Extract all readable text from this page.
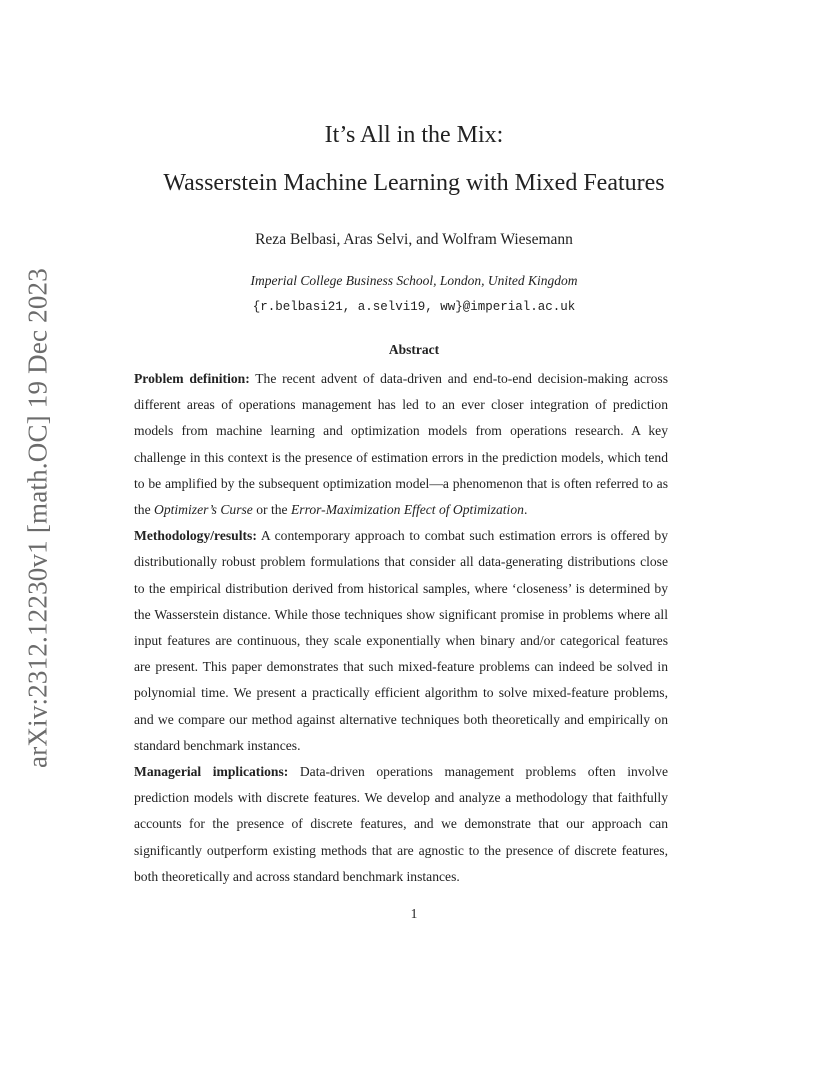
arXiv:2312.12230v1 [math.OC] 19 Dec 2023
It’s All in the Mix:
Wasserstein Machine Learning with Mixed Features
Reza Belbasi, Aras Selvi, and Wolfram Wiesemann
Imperial College Business School, London, United Kingdom
{r.belbasi21, a.selvi19, ww}@imperial.ac.uk
Abstract

Problem definition: The recent advent of data-driven and end-to-end decision-making across different areas of operations management has led to an ever closer integration of prediction models from machine learning and optimization models from operations research. A key challenge in this context is the presence of estimation errors in the prediction models, which tend to be amplified by the subsequent optimization model—a phenomenon that is often referred to as the Optimizer’s Curse or the Error-Maximization Effect of Optimization.

Methodology/results: A contemporary approach to combat such estimation errors is offered by distributionally robust problem formulations that consider all data-generating distributions close to the empirical distribution derived from historical samples, where ‘closeness’ is determined by the Wasserstein distance. While those techniques show significant promise in problems where all input features are continuous, they scale exponentially when binary and/or categorical features are present. This paper demonstrates that such mixed-feature problems can indeed be solved in polynomial time. We present a practically efficient algorithm to solve mixed-feature problems, and we compare our method against alternative techniques both theoretically and empirically on standard benchmark instances.

Managerial implications: Data-driven operations management problems often involve prediction models with discrete features. We develop and analyze a methodology that faithfully accounts for the presence of discrete features, and we demonstrate that our approach can significantly outperform existing methods that are agnostic to the presence of discrete features, both theoretically and across standard benchmark instances.

1
